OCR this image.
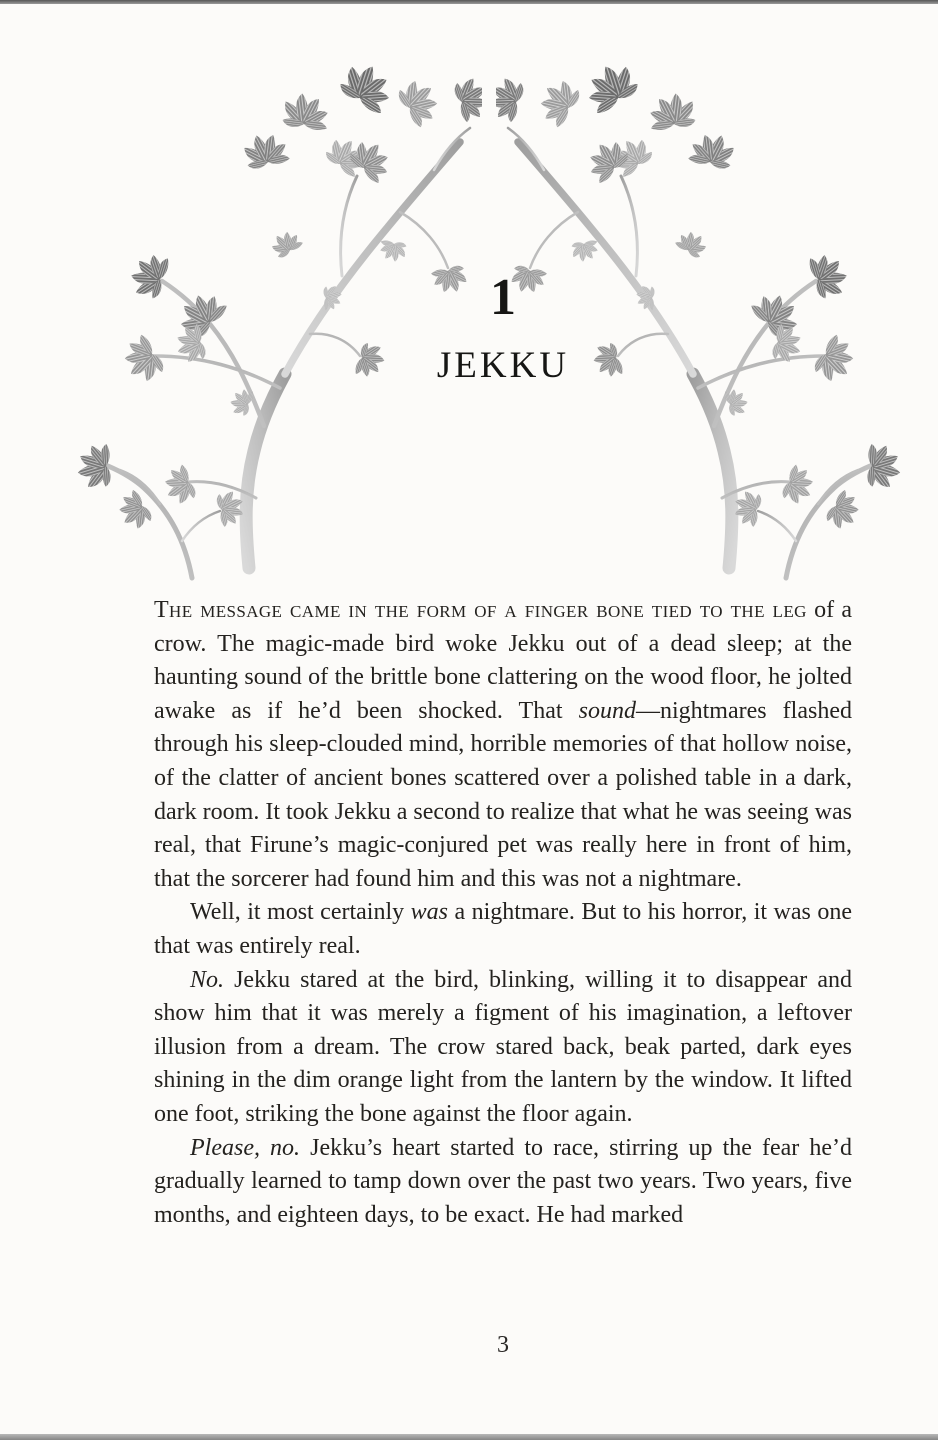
1
JEKKU

The message came in the form of a finger bone tied to the leg of a crow. The magic-made bird woke Jekku out of a dead sleep; at the haunting sound of the brittle bone clattering on the wood floor, he jolted awake as if he’d been shocked. That sound—nightmares flashed through his sleep-clouded mind, horrible memories of that hollow noise, of the clatter of ancient bones scattered over a polished table in a dark, dark room. It took Jekku a second to realize that what he was seeing was real, that Firune’s magic-conjured pet was really here in front of him, that the sorcerer had found him and this was not a nightmare.

Well, it most certainly was a nightmare. But to his horror, it was one that was entirely real.

No. Jekku stared at the bird, blinking, willing it to disappear and show him that it was merely a figment of his imagination, a leftover illusion from a dream. The crow stared back, beak parted, dark eyes shining in the dim orange light from the lantern by the window. It lifted one foot, striking the bone against the floor again.

Please, no. Jekku’s heart started to race, stirring up the fear he’d gradually learned to tamp down over the past two years. Two years, five months, and eighteen days, to be exact. He had marked

3
